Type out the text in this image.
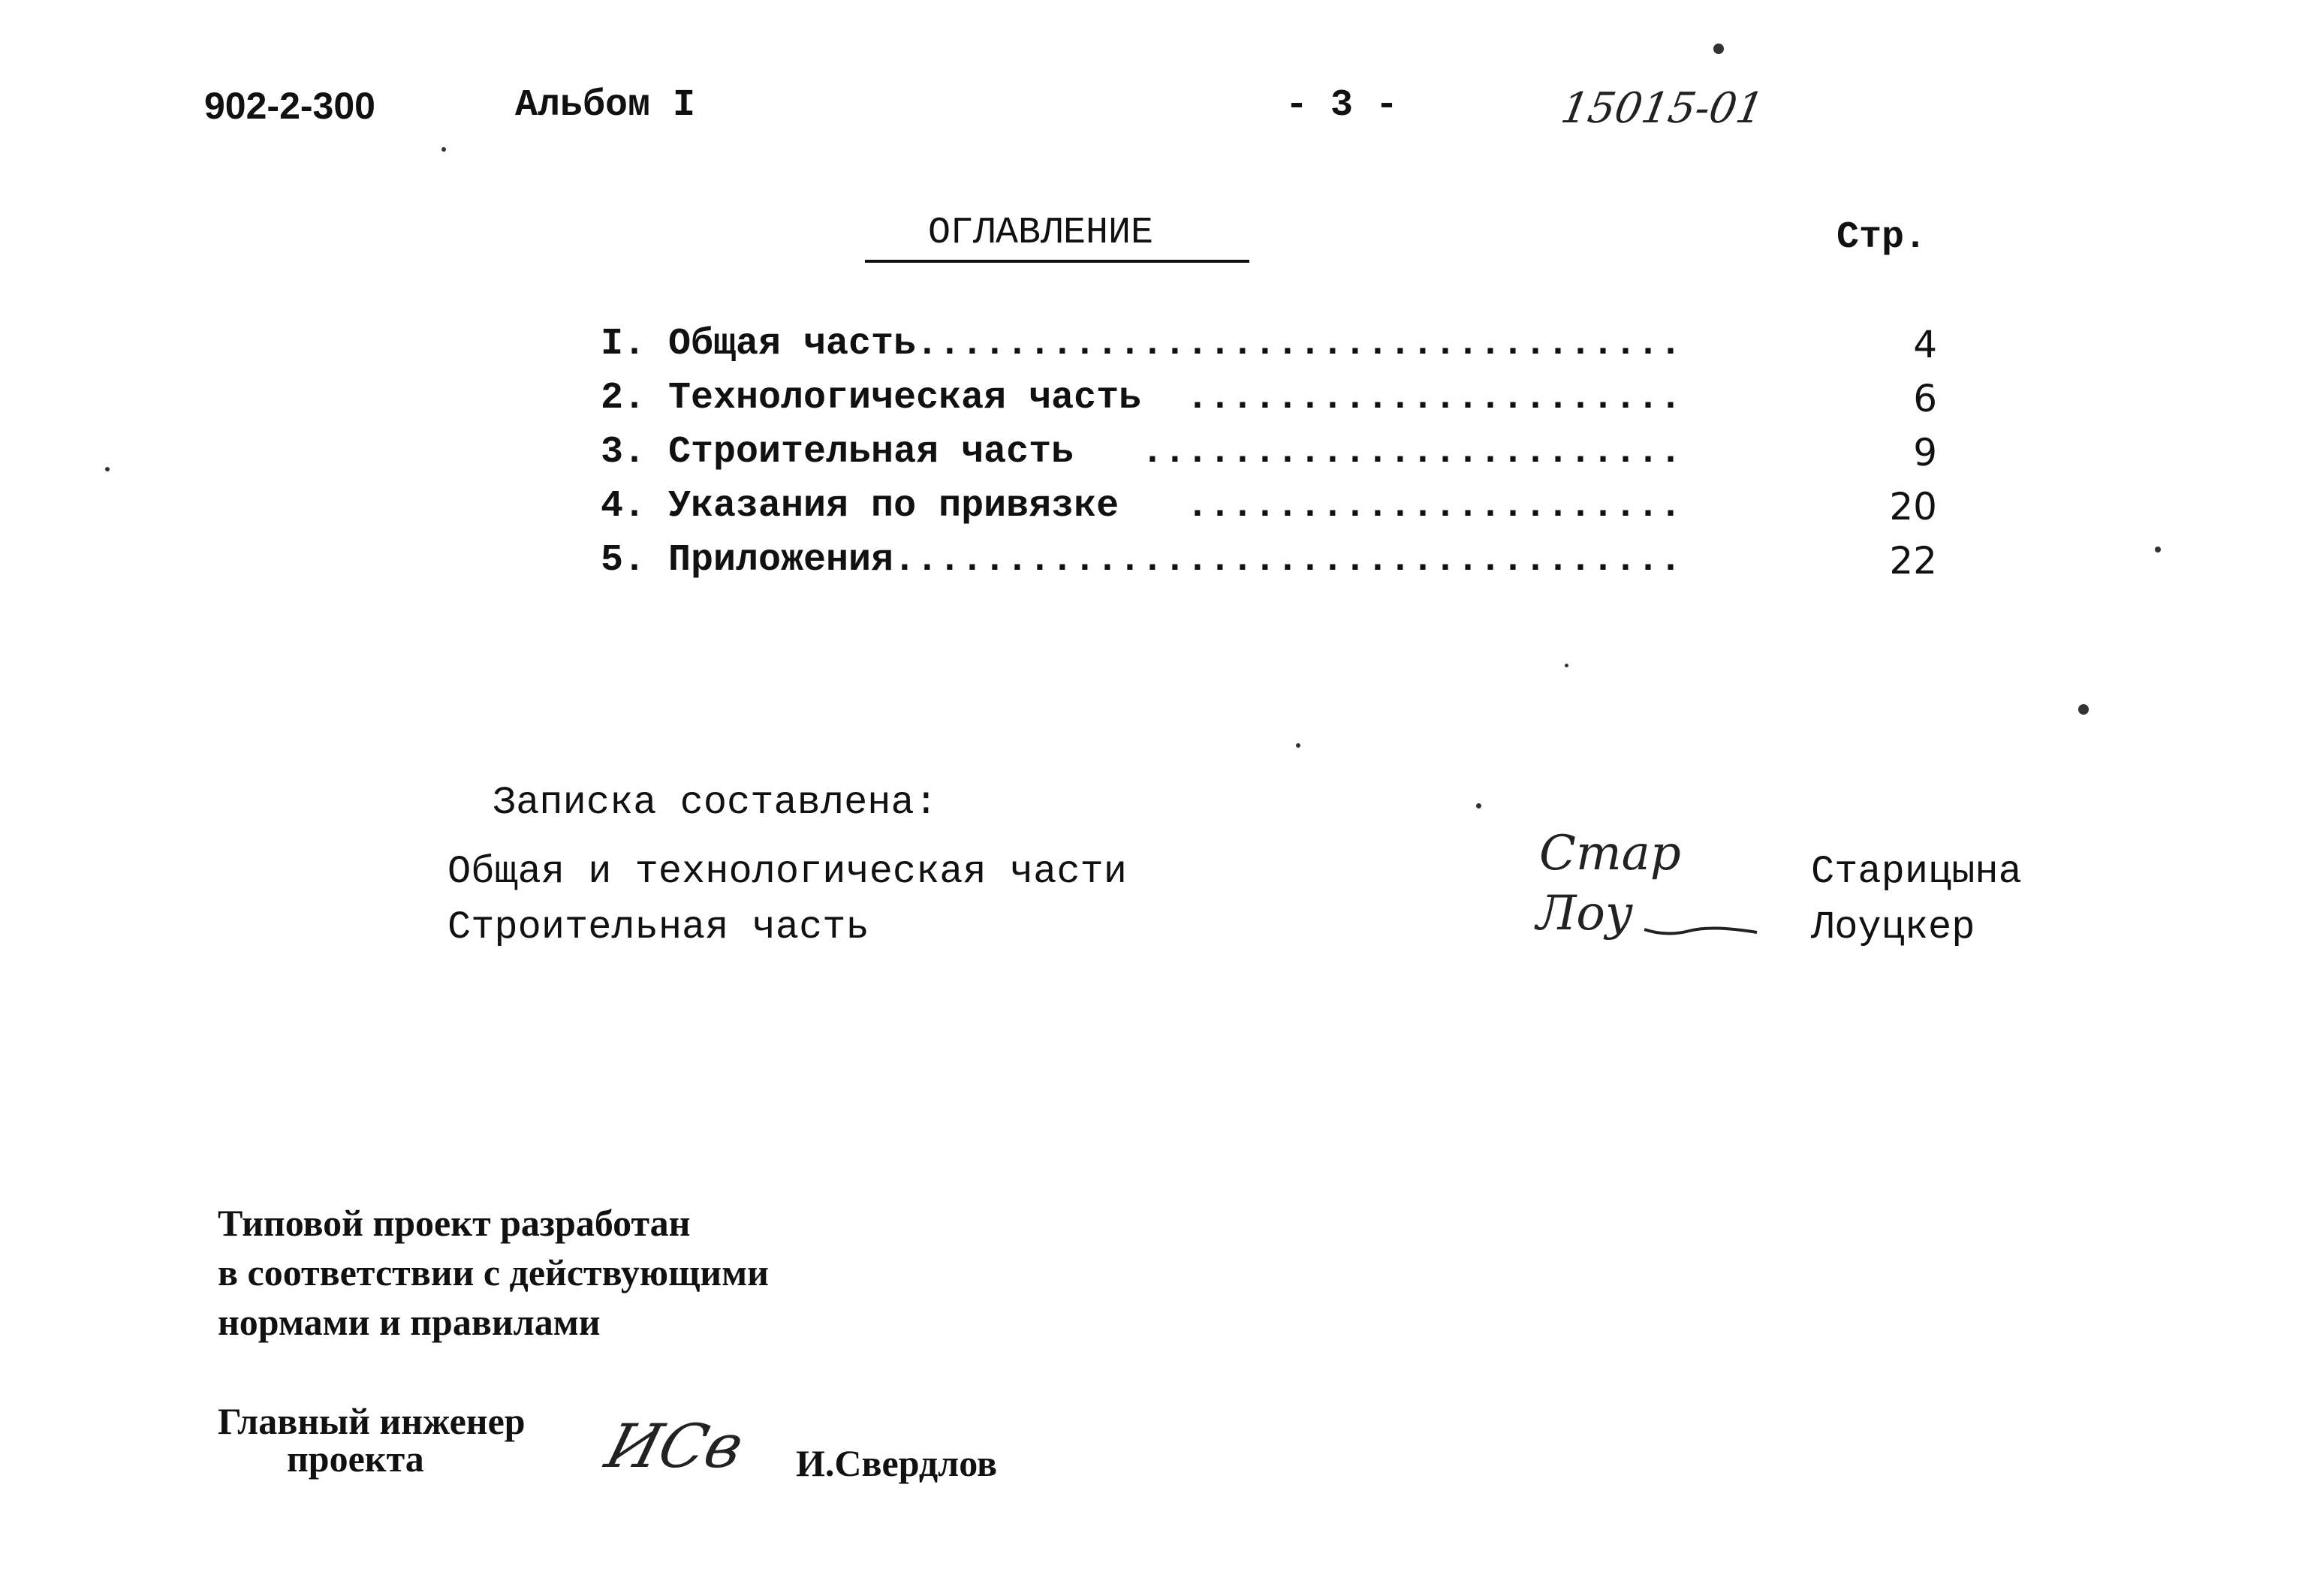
902-2-300	Альбом I	- 3 -	15015-01
ОГЛАВЛЕНИЕ	Стр.
I. Общая часть ..................................	4
2. Технологическая часть ......................	6
3. Строительная часть ........................	9
4. Указания по привязке ......................	20
5. Приложения ...................................	22
Записка составлена:
Общая и технологическая части	Стар	Старицына
Строительная часть	Лоу	Лоуцкер
Типовой проект разработан
в соответствии с действующими
нормами и правилами
Главный инженер
проекта	ИСв И.Свердлов
